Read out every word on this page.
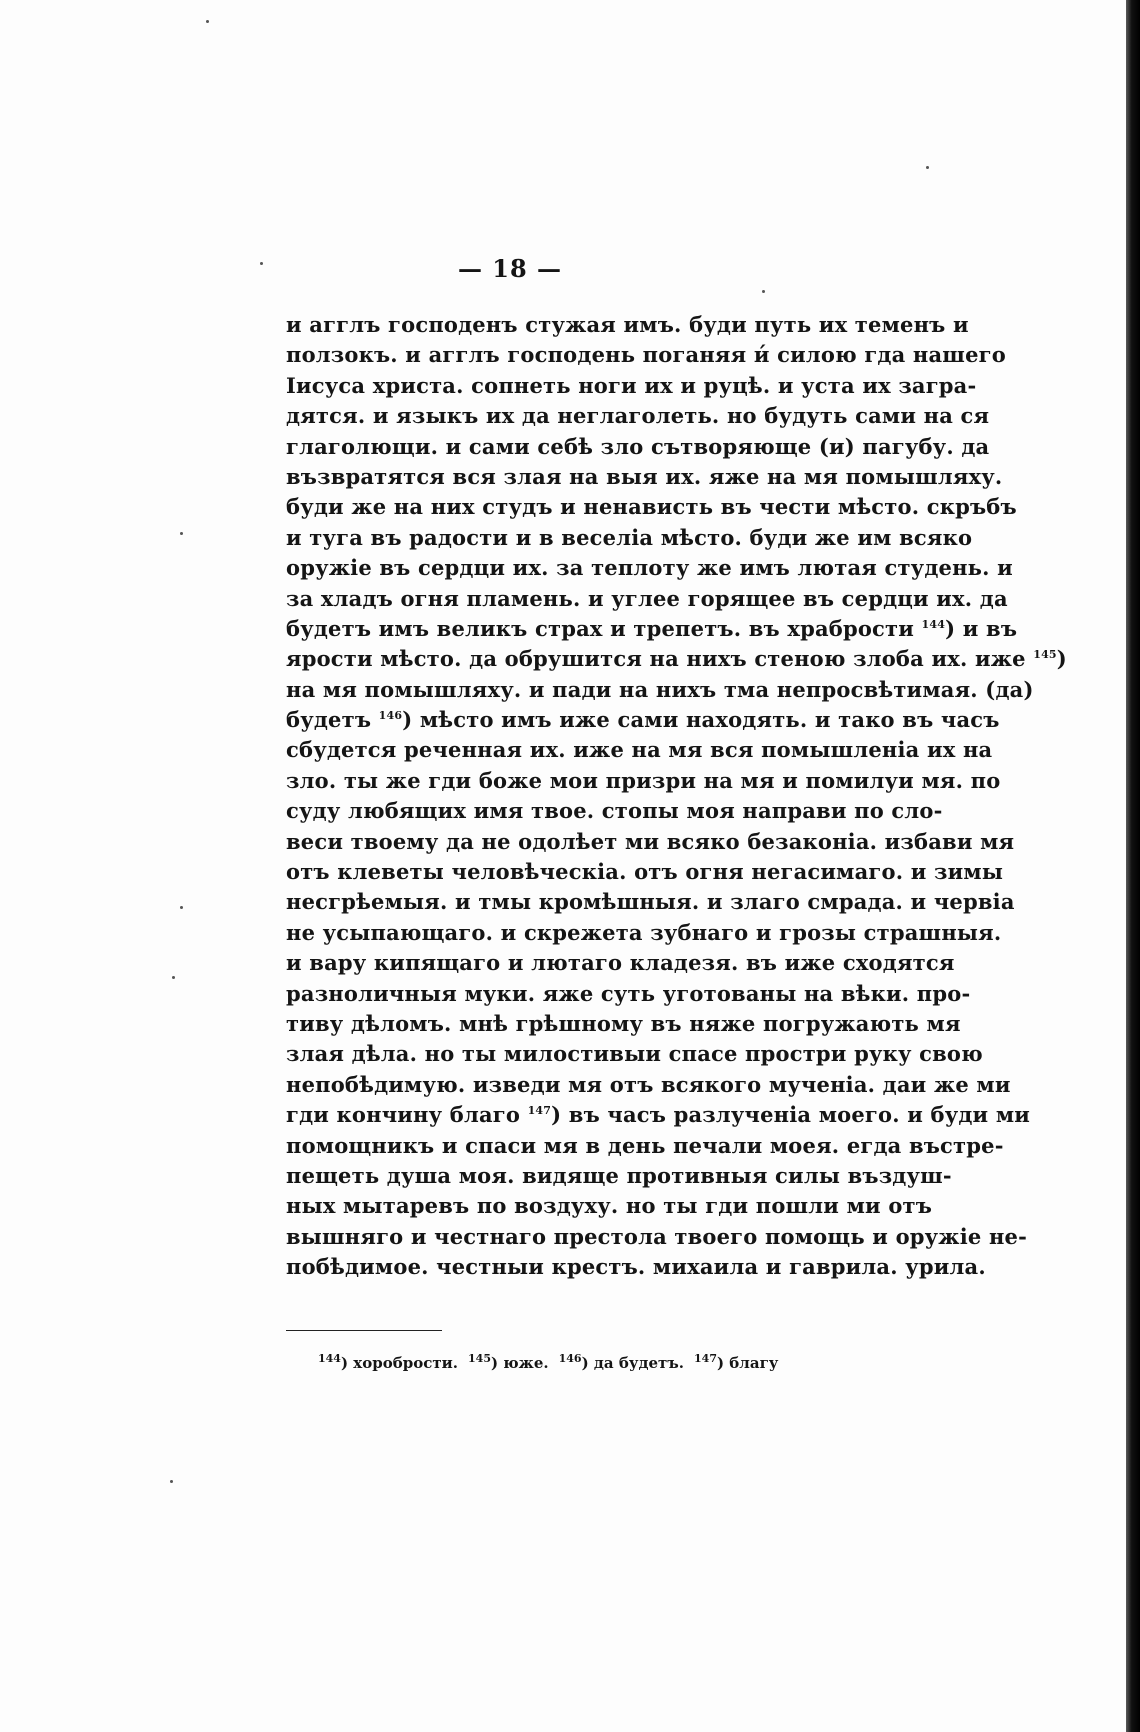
— 18 —
и агглъ господенъ стужая имъ. буди путь их теменъ и
ползокъ. и агглъ господень поганяя и́ силою гда нашего
Iисуса христа. сопнеть ноги их и руцѣ. и уста их загра-
дятся. и языкъ их да неглаголеть. но будуть сами на ся
глаголющи. и сами себѣ зло сътворяюще (и) пагубу. да
възвратятся вся злая на выя их. яже на мя помышляху.
буди же на них студъ и ненависть въ чести мѣсто. скръбъ
и туга въ радости и в веселiа мѣсто. буди же им всяко
оружiе въ сердци их. за теплоту же имъ лютая студень. и
за хладъ огня пламень. и углее горящее въ сердци их. да
будетъ имъ великъ страх и трепетъ. въ храбрости $^{144}$) и въ
ярости мѣсто. да обрушится на нихъ стеною злоба их. иже $^{145}$)
на мя помышляху. и пади на нихъ тма непросвѣтимая. (да)
будетъ $^{146}$) мѣсто имъ иже сами находять. и тако въ часъ
сбудется реченная их. иже на мя вся помышленiа их на
зло. ты же гди боже мои призри на мя и помилуи мя. по
суду любящих имя твое. стопы моя направи по сло-
веси твоему да не одолѣет ми всяко безаконiа. избави мя
отъ клеветы человѣческiа. отъ огня негасимаго. и зимы
несгрѣемыя. и тмы кромѣшныя. и злаго смрада. и червiа
не усыпающаго. и скрежета зубнаго и грозы страшныя.
и вару кипящаго и лютаго кладезя. въ иже сходятся
разноличныя муки. яже суть уготованы на вѣки. про-
тиву дѣломъ. мнѣ грѣшному въ няже погружають мя
злая дѣла. но ты милостивыи спасе простри руку свою
непобѣдимую. изведи мя отъ всякого мученiа. даи же ми
гди кончину благо $^{147}$) въ часъ разлученiа моего. и буди ми
помощникъ и спаси мя в день печали моея. егда въстре-
пещеть душа моя. видяще противныя силы въздуш-
ных мытаревъ по воздуху. но ты гди пошли ми отъ
вышняго и честнаго престола твоего помощь и оружiе не-
побѣдимое. честныи крестъ. михаила и гаврила. урила.
$^{144}$) хоробрости. $^{145}$) юже. $^{146}$) да будетъ. $^{147}$) благу
